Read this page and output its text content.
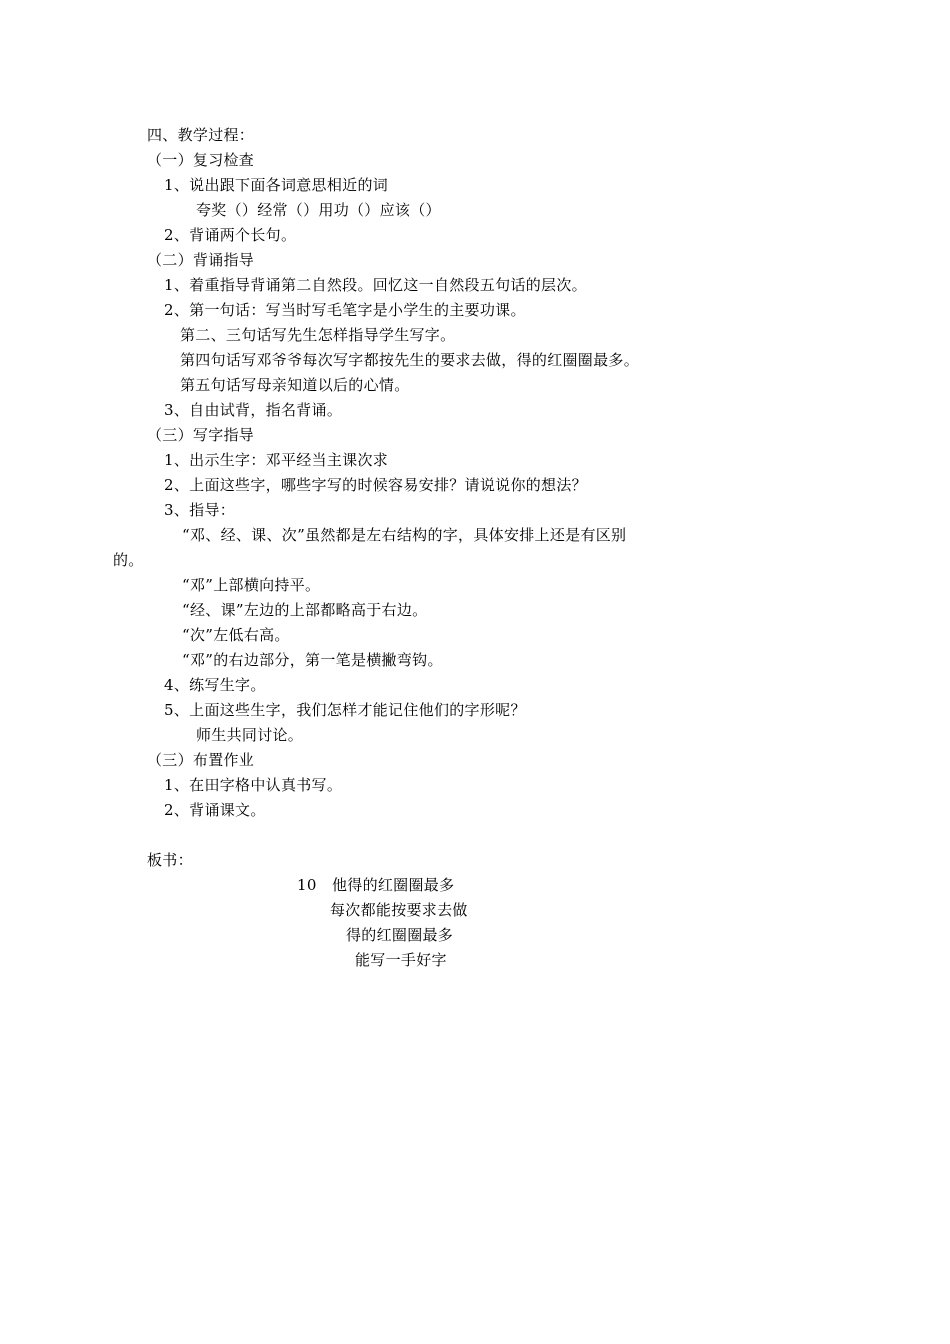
四、教学过程：
（一）复习检查
1、说出跟下面各词意思相近的词
夸奖（）经常（）用功（）应该（）
2、背诵两个长句。
（二）背诵指导
1、着重指导背诵第二自然段。回忆这一自然段五句话的层次。
2、第一句话：写当时写毛笔字是小学生的主要功课。
第二、三句话写先生怎样指导学生写字。
第四句话写邓爷爷每次写字都按先生的要求去做，得的红圈圈最多。
第五句话写母亲知道以后的心情。
3、自由试背，指名背诵。
（三）写字指导
1、出示生字：邓平经当主课次求
2、上面这些字，哪些字写的时候容易安排？请说说你的想法？
3、指导：
“邓、经、课、次”虽然都是左右结构的字，具体安排上还是有区别
的。
“邓”上部横向持平。
“经、课”左边的上部都略高于右边。
“次”左低右高。
“邓”的右边部分，第一笔是横撇弯钩。
4、练写生字。
5、上面这些生字，我们怎样才能记住他们的字形呢？
师生共同讨论。
（三）布置作业
1、在田字格中认真书写。
2、背诵课文。
板书：
10　他得的红圈圈最多
每次都能按要求去做
得的红圈圈最多
能写一手好字
